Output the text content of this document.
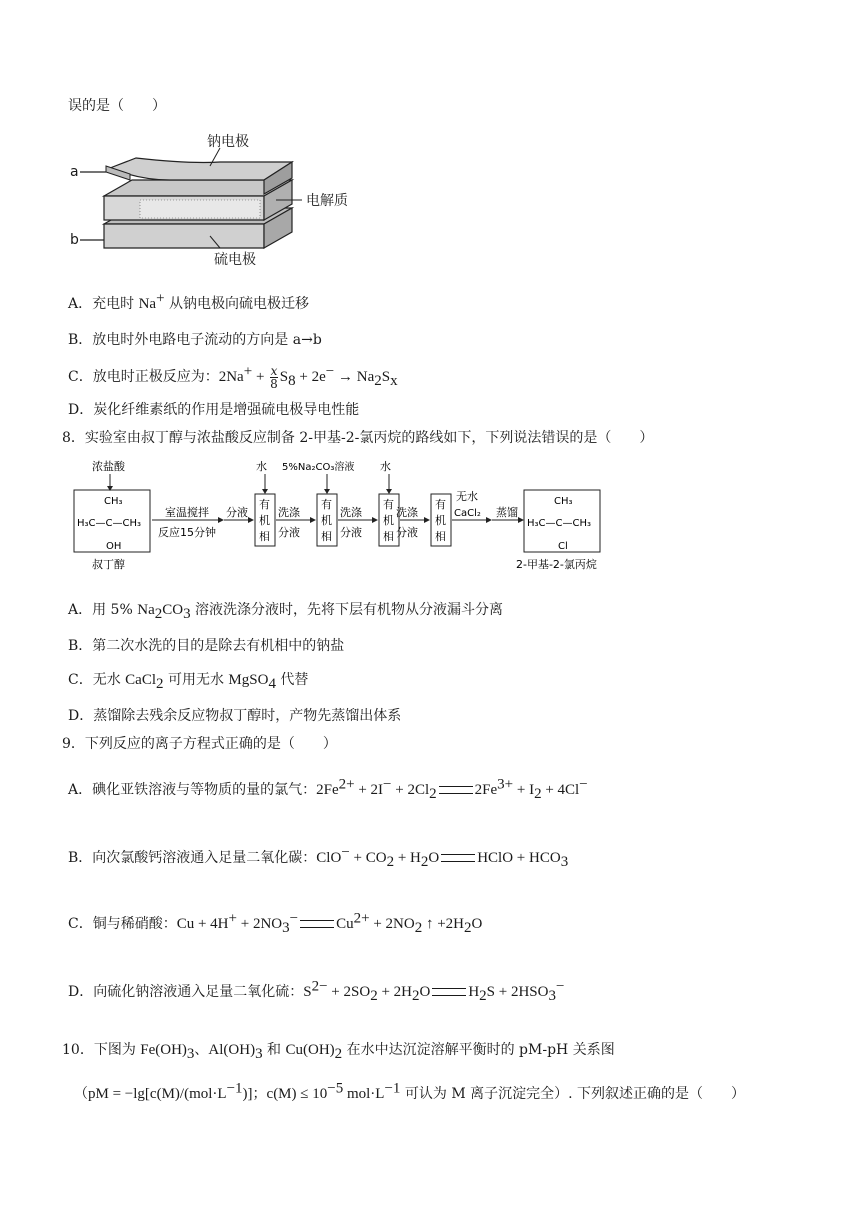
误的是（　　）
钠电极
电解质
硫电极
a
b
A．充电时 Na+ 从钠电极向硫电极迁移
B．放电时外电路电子流动的方向是 a→b
C．放电时正极反应为：$2Na^+ + \frac{x}{8} S_8 + 2e^- \to Na_2S_x$
D．炭化纤维素纸的作用是增强硫电极导电性能
8．实验室由叔丁醇与浓盐酸反应制备 2-甲基-2-氯丙烷的路线如下，下列说法错误的是（　　）
浓盐酸
CH₃
H₃C—C—CH₃
OH
叔丁醇
室温搅拌
反应15分钟
分液
有
机
相
水
洗涤
分液
有
机
相
5%Na₂CO₃溶液
洗涤
分液
有
机
相
水
洗涤
分液
有
机
相
无水
CaCl₂ 蒸馏
CH₃
H₃C—C—CH₃
Cl
2-甲基-2-氯丙烷
A．用 5% $Na_2CO_3$ 溶液洗涤分液时，先将下层有机物从分液漏斗分离
B．第二次水洗的目的是除去有机相中的钠盐
C．无水 CaCl$_2$ 可用无水 MgSO$_4$ 代替
D．蒸馏除去残余反应物叔丁醇时，产物先蒸馏出体系
9．下列反应的离子方程式正确的是（　　）
A．碘化亚铁溶液与等物质的量的氯气：$2Fe^{2+} + 2I^- + 2Cl_2$	$2Fe^{3+} + I_2 + 4Cl^-$
B．向次氯酸钙溶液通入足量二氧化碳：$ClO^- + CO_2 + H_2O$	HClO + $HCO_3$
C．铜与稀硝酸：$Cu + 4H^+ + 2NO_3^-$	$Cu^{2+} + 2NO_2$ ↑ $+2H_2O$
D．向硫化钠溶液通入足量二氧化硫：$S^{2-} + 2SO_2 + 2H_2O$	$H_2S + 2HSO_3^-$
10．下图为 $Fe(OH)_3$、$Al(OH)_3$ 和 $Cu(OH)_2$ 在水中达沉淀溶解平衡时的 pM-pH 关系图
（$pM = -\lg[c(M)/(mol\cdot L^{-1})]$；$c(M) \le 10^{-5}$ $mol\cdot L^{-1}$ 可认为 M 离子沉淀完全）. 下列叙述正确的是（　　）
